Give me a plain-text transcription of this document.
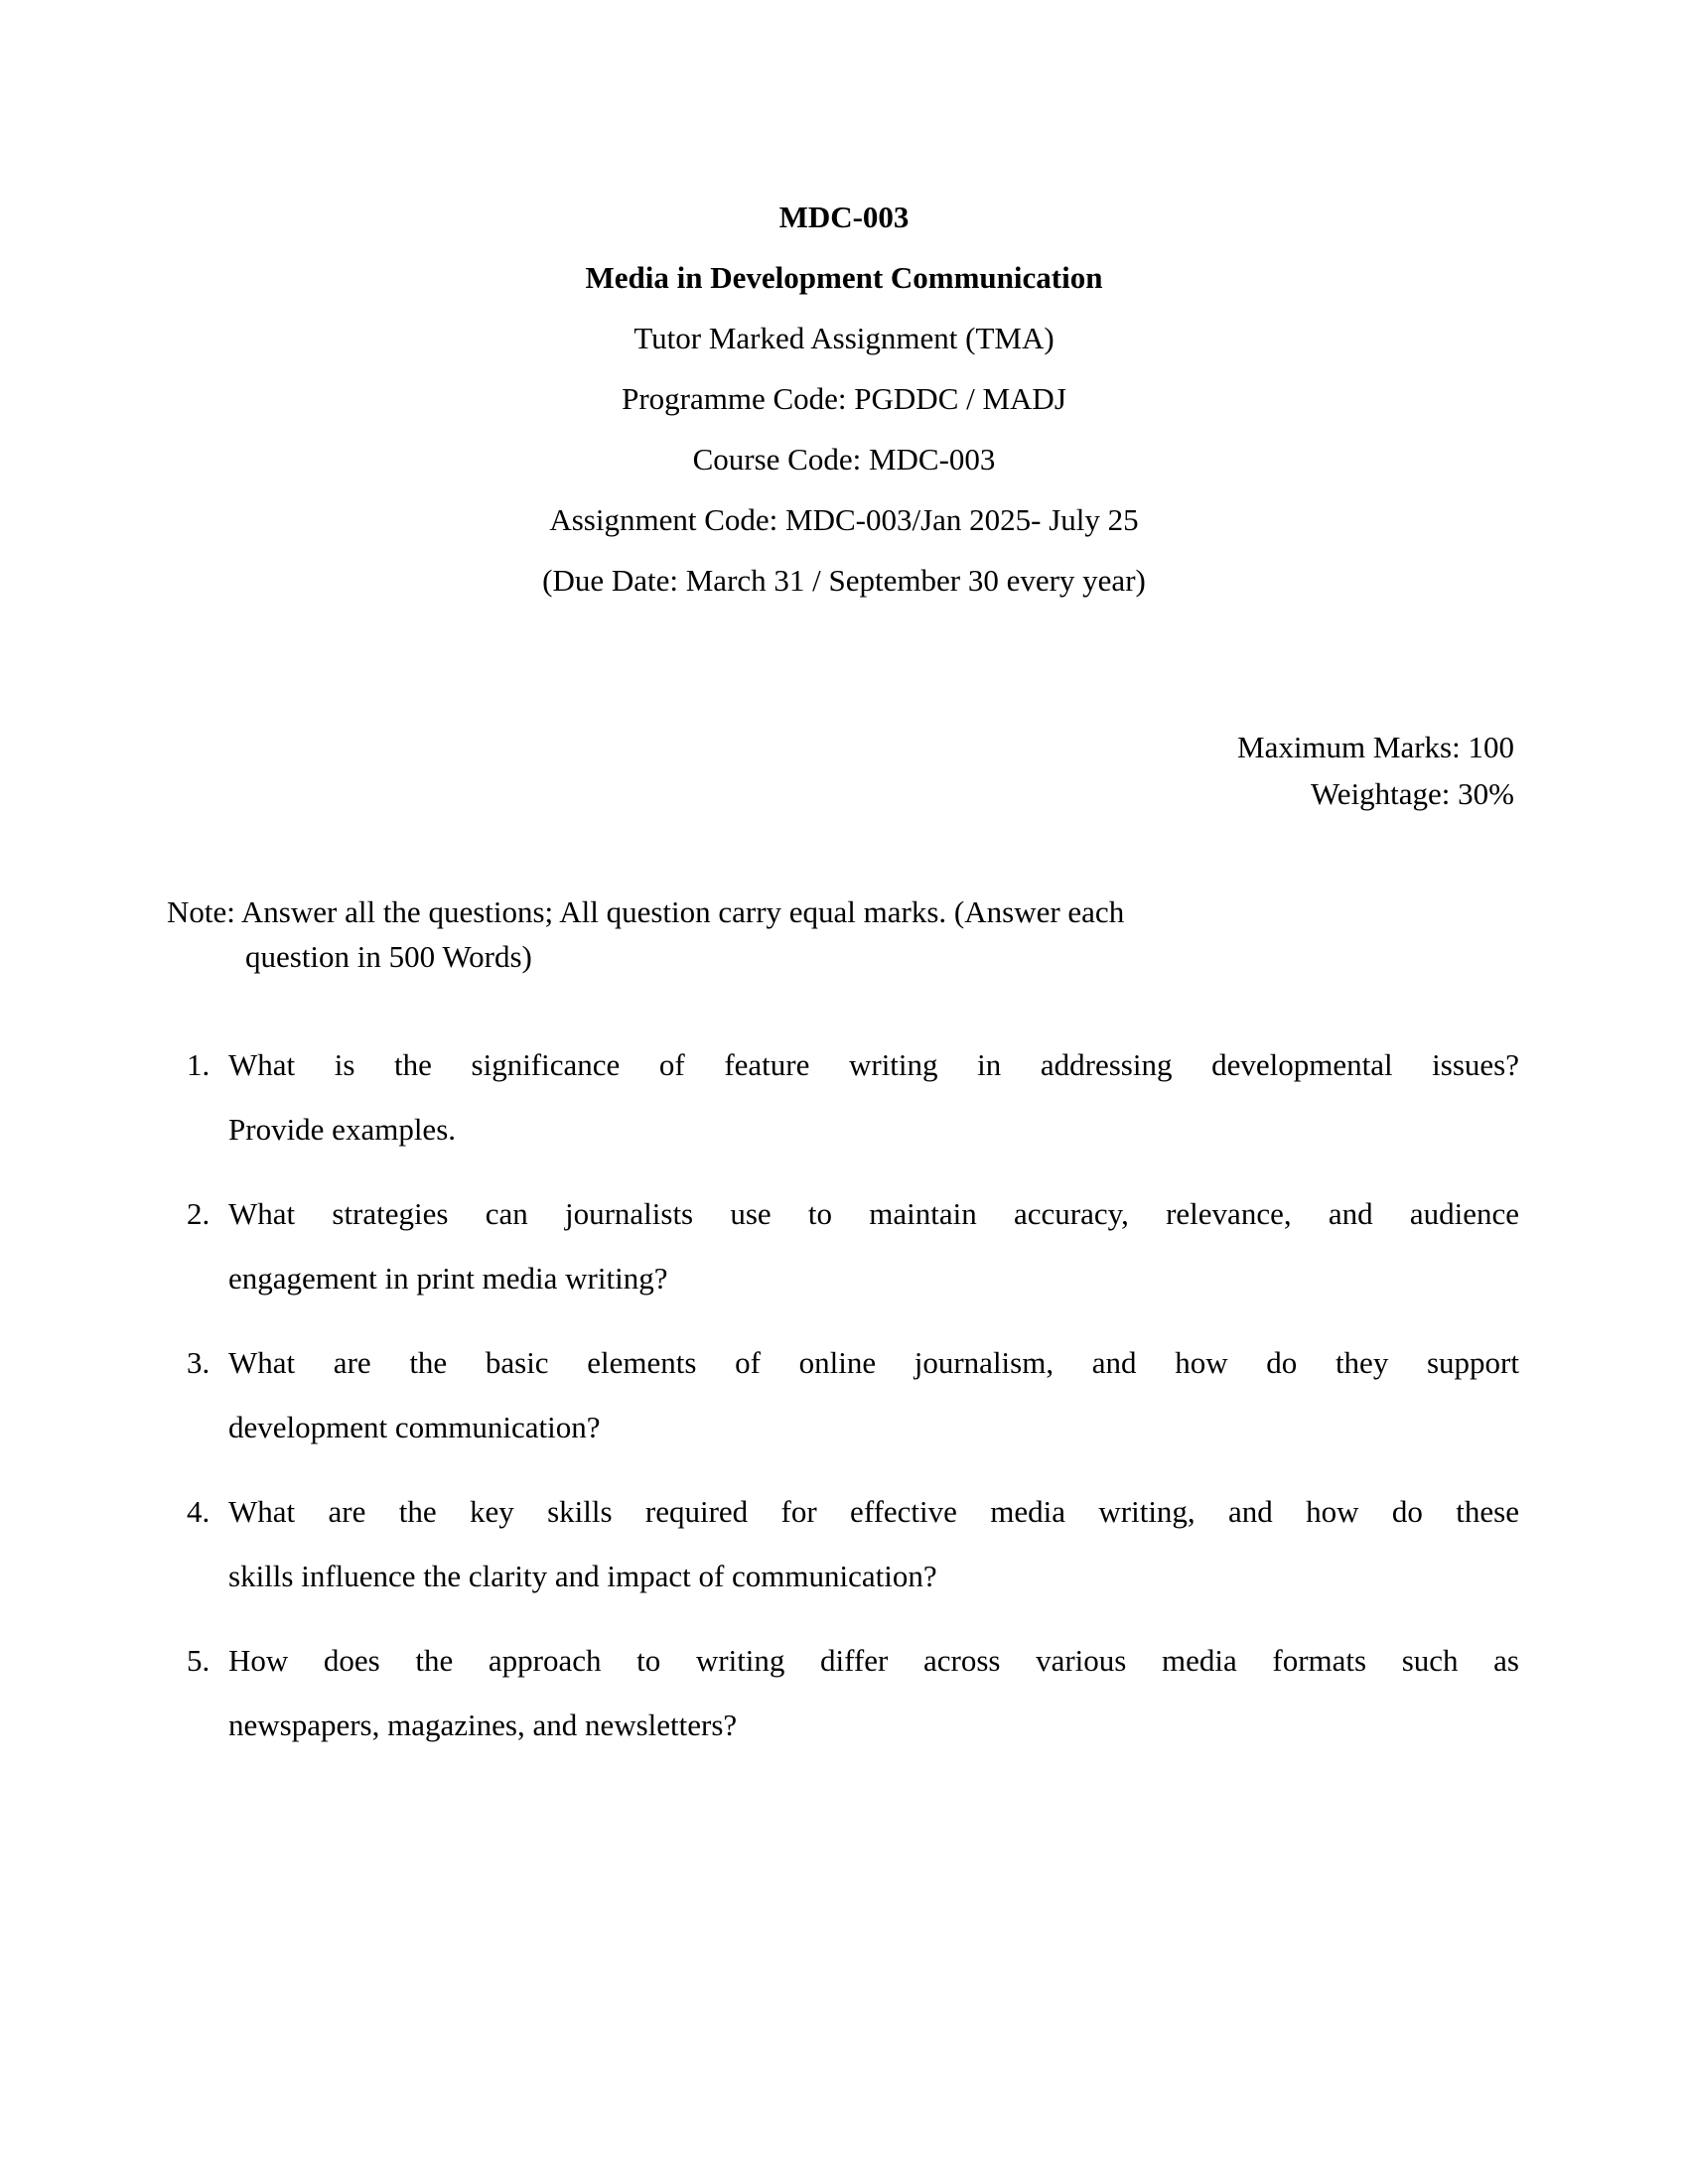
MDC-003
Media in Development Communication
Tutor Marked Assignment (TMA)
Programme Code: PGDDC / MADJ
Course Code: MDC-003
Assignment Code: MDC-003/Jan 2025- July 25
(Due Date: March 31 / September 30 every year)
Maximum Marks: 100
Weightage: 30%
Note: Answer all the questions; All question carry equal marks. (Answer each
question in 500 Words)
1. What is the significance of feature writing in addressing developmental issues?
Provide examples.
2. What strategies can journalists use to maintain accuracy, relevance, and audience
engagement in print media writing?
3. What are the basic elements of online journalism, and how do they support
development communication?
4. What are the key skills required for effective media writing, and how do these
skills influence the clarity and impact of communication?
5. How does the approach to writing differ across various media formats such as
newspapers, magazines, and newsletters?
